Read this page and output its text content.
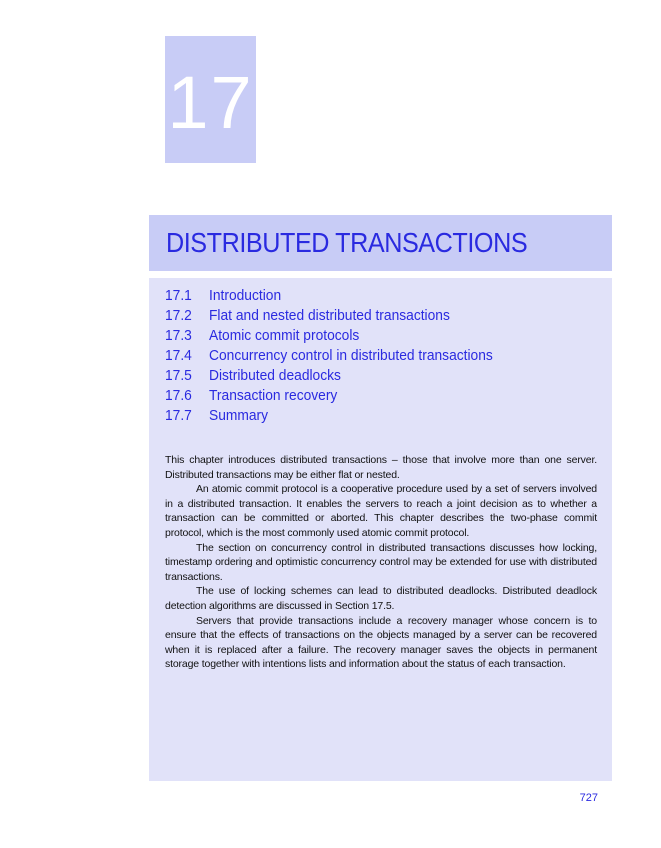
17
DISTRIBUTED TRANSACTIONS
17.1	Introduction
17.2	Flat and nested distributed transactions
17.3	Atomic commit protocols
17.4	Concurrency control in distributed transactions
17.5	Distributed deadlocks
17.6	Transaction recovery
17.7	Summary

This chapter introduces distributed transactions – those that involve more than one server. Distributed transactions may be either flat or nested.

An atomic commit protocol is a cooperative procedure used by a set of servers involved in a distributed transaction. It enables the servers to reach a joint decision as to whether a transaction can be committed or aborted. This chapter describes the two-phase commit protocol, which is the most commonly used atomic commit protocol.

The section on concurrency control in distributed transactions discusses how locking, timestamp ordering and optimistic concurrency control may be extended for use with distributed transactions.

The use of locking schemes can lead to distributed deadlocks. Distributed deadlock detection algorithms are discussed in Section 17.5.

Servers that provide transactions include a recovery manager whose concern is to ensure that the effects of transactions on the objects managed by a server can be recovered when it is replaced after a failure. The recovery manager saves the objects in permanent storage together with intentions lists and information about the status of each transaction.

727
